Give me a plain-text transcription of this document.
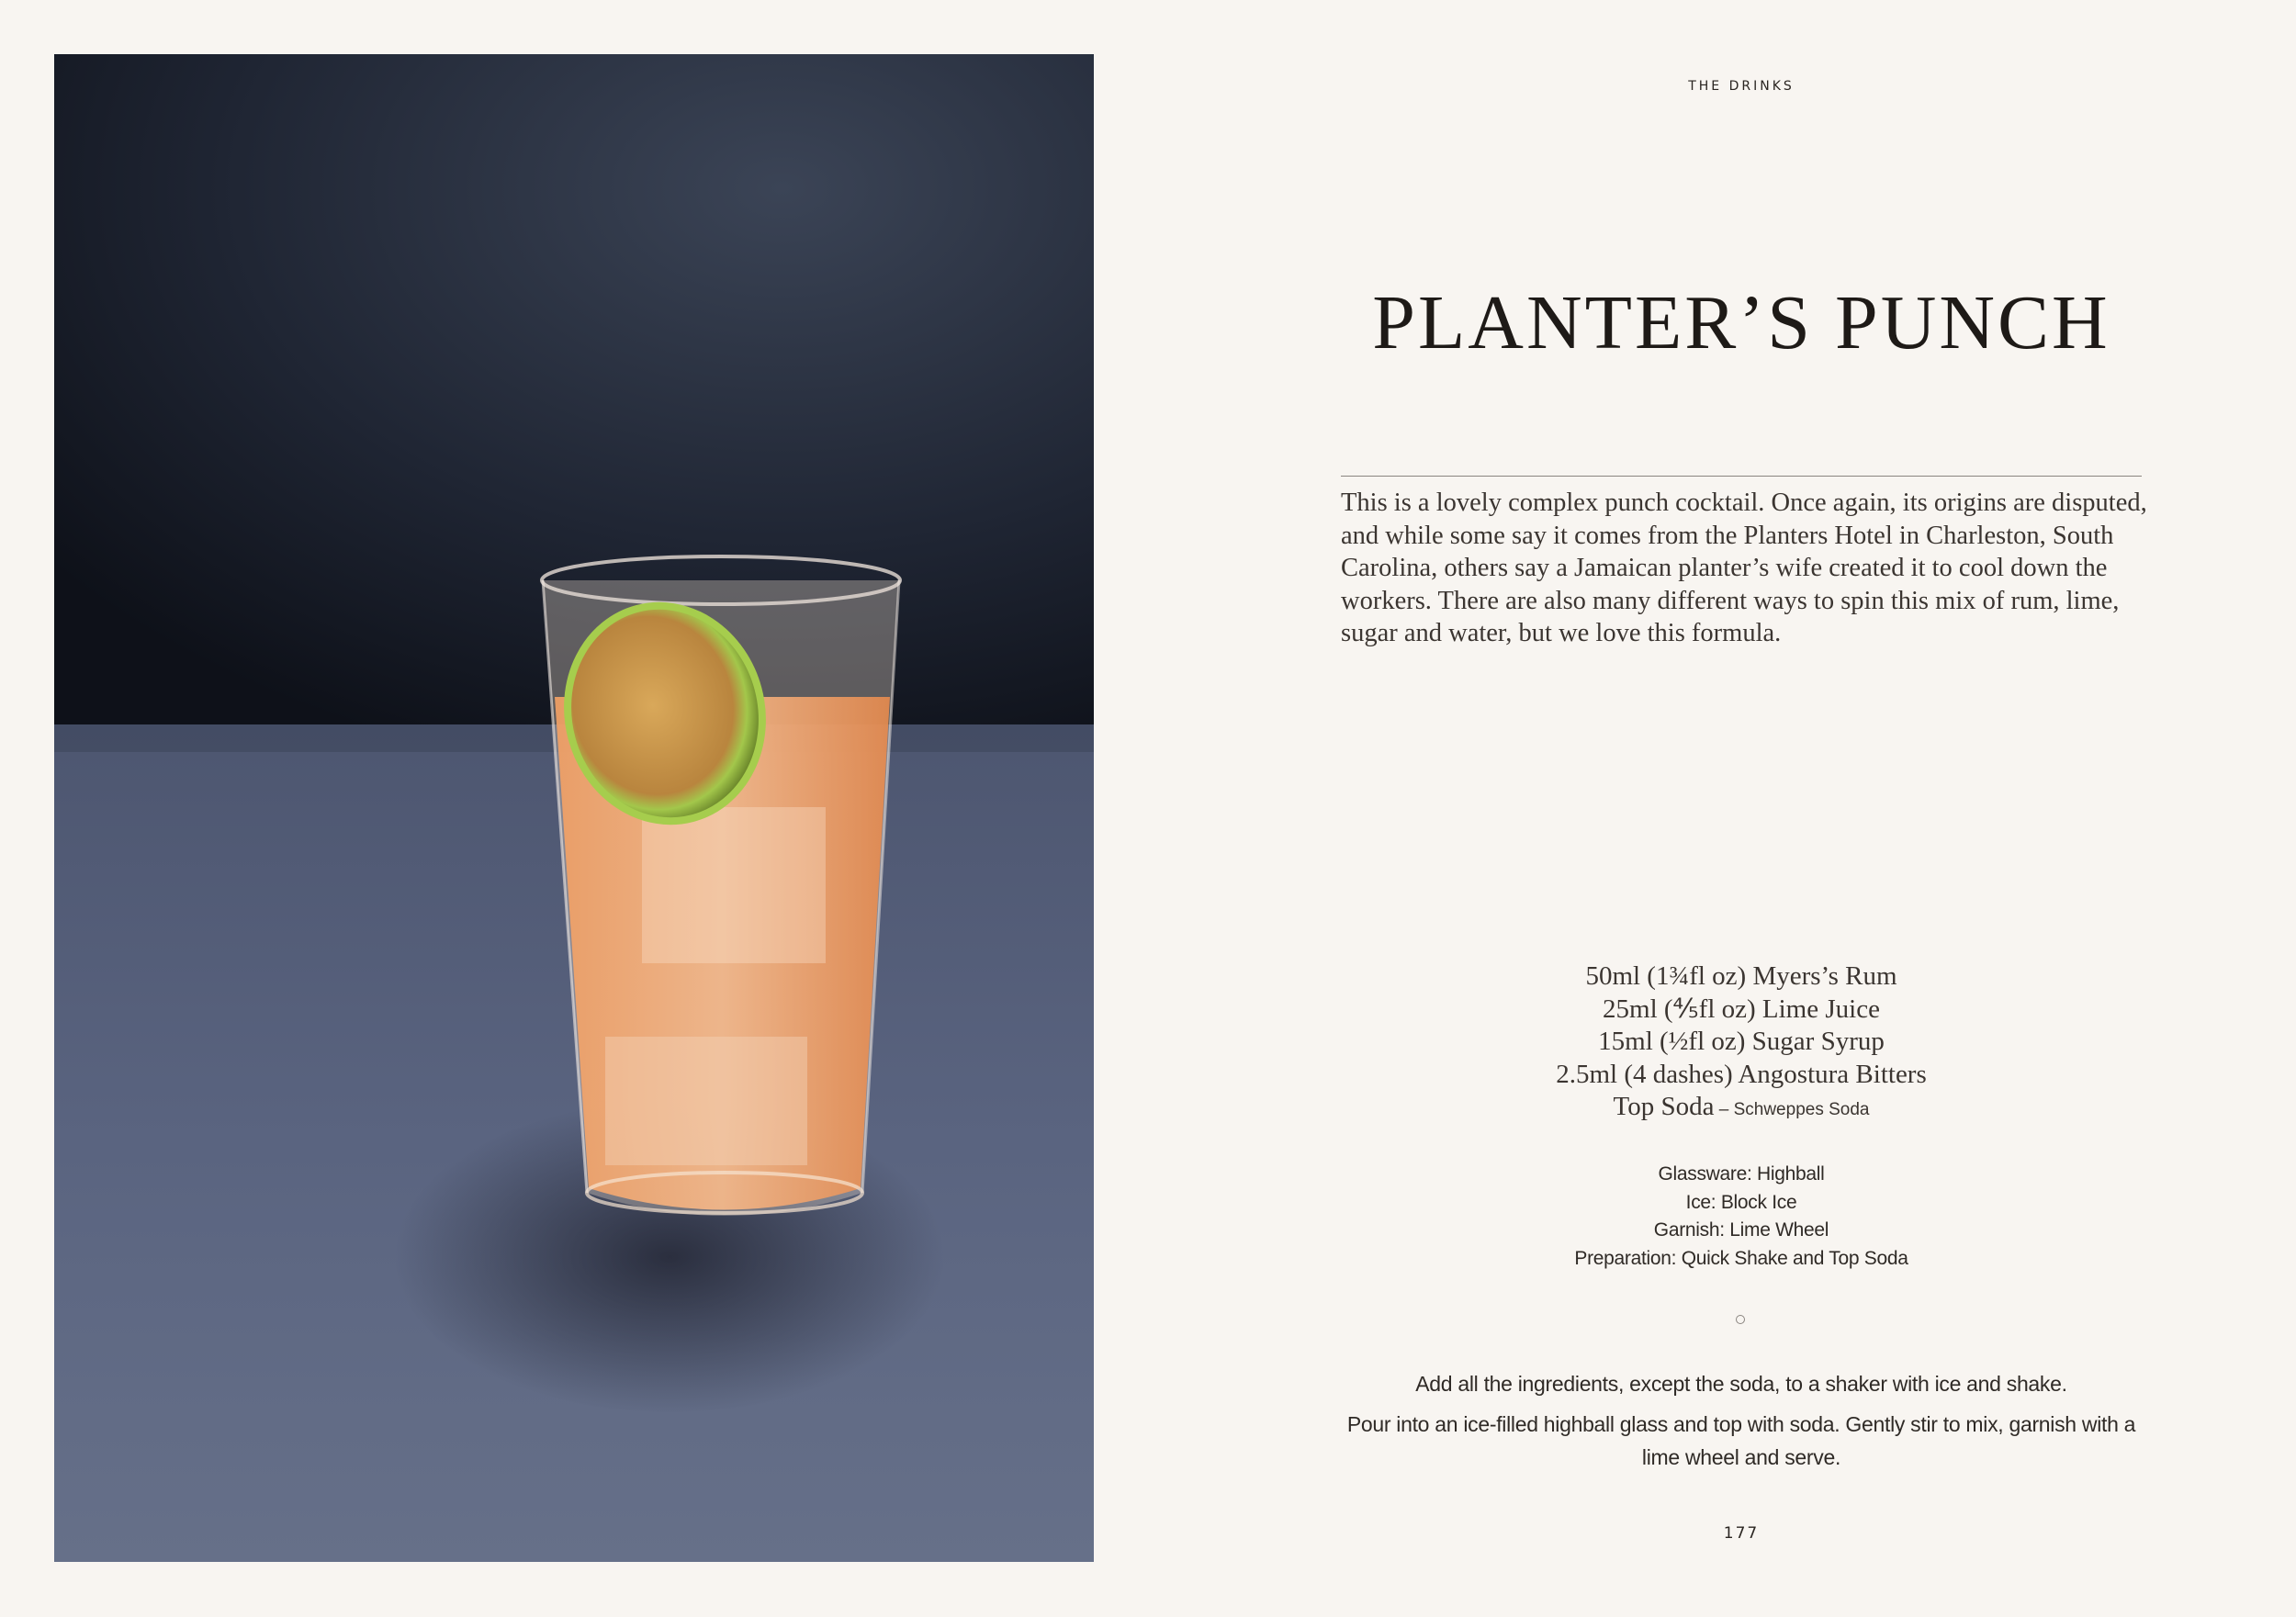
THE DRINKS
PLANTER’S PUNCH

This is a lovely complex punch cocktail. Once again, its origins are disputed, and while some say it comes from the Planters Hotel in Charleston, South Carolina, others say a Jamaican planter’s wife created it to cool down the workers. There are also many different ways to spin this mix of rum, lime, sugar and water, but we love this formula.

50ml (1¾fl oz) Myers’s Rum
25ml (⅘fl oz) Lime Juice
15ml (½fl oz) Sugar Syrup
2.5ml (4 dashes) Angostura Bitters
Top Soda – Schweppes Soda
Glassware: Highball
Ice: Block Ice
Garnish: Lime Wheel
Preparation: Quick Shake and Top Soda

Add all the ingredients, except the soda, to a shaker with ice and shake.

Pour into an ice-filled highball glass and top with soda. Gently stir to mix, garnish with a lime wheel and serve.

177
